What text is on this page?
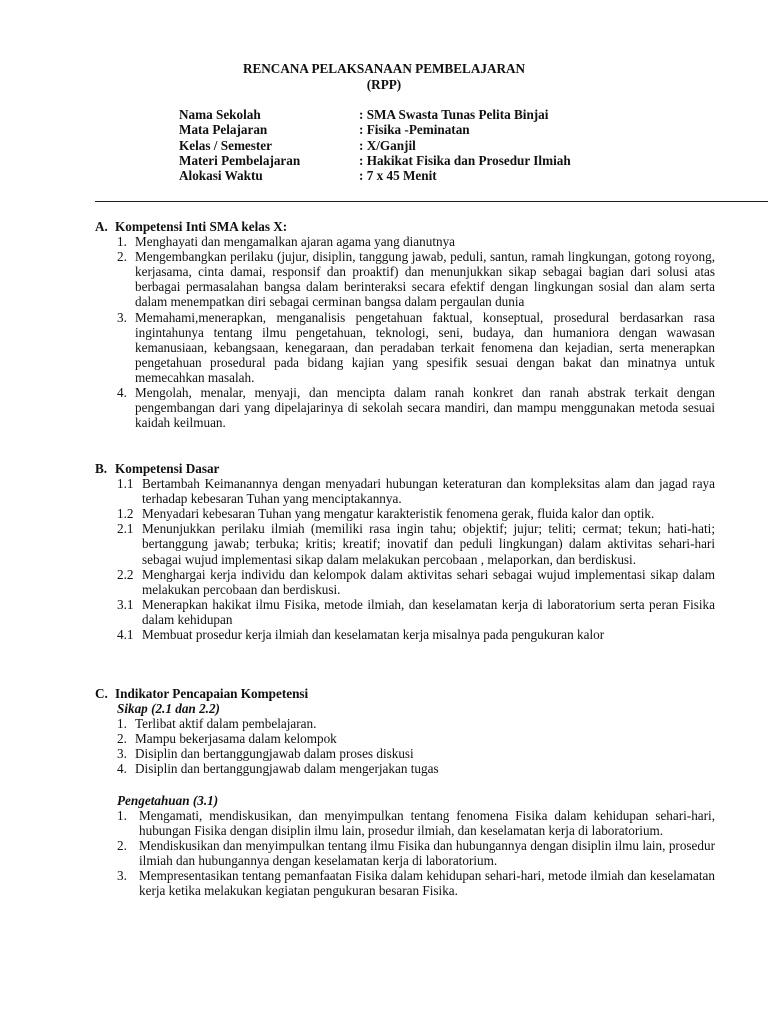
RENCANA PELAKSANAAN PEMBELAJARAN
(RPP)
Nama Sekolah	: SMA Swasta Tunas Pelita Binjai
Mata Pelajaran	: Fisika -Peminatan
Kelas / Semester	: X/Ganjil
Materi Pembelajaran	: Hakikat Fisika dan Prosedur Ilmiah
Alokasi Waktu	: 7 x 45 Menit
A. Kompetensi Inti SMA kelas X:
1. Menghayati dan mengamalkan ajaran agama yang dianutnya
2. Mengembangkan perilaku (jujur, disiplin, tanggung jawab, peduli, santun, ramah lingkungan, gotong royong, kerjasama, cinta damai, responsif dan proaktif) dan menunjukkan sikap sebagai bagian dari solusi atas berbagai permasalahan bangsa dalam berinteraksi secara efektif dengan lingkungan sosial dan alam serta dalam menempatkan diri sebagai cerminan bangsa dalam pergaulan dunia
3. Memahami,menerapkan, menganalisis pengetahuan faktual, konseptual, prosedural berdasarkan rasa ingintahunya tentang ilmu pengetahuan, teknologi, seni, budaya, dan humaniora dengan wawasan kemanusiaan, kebangsaan, kenegaraan, dan peradaban terkait fenomena dan kejadian, serta menerapkan pengetahuan prosedural pada bidang kajian yang spesifik sesuai dengan bakat dan minatnya untuk memecahkan masalah.
4. Mengolah, menalar, menyaji, dan mencipta dalam ranah konkret dan ranah abstrak terkait dengan pengembangan dari yang dipelajarinya di sekolah secara mandiri, dan mampu menggunakan metoda sesuai kaidah keilmuan.
B. Kompetensi Dasar
1.1 Bertambah Keimanannya dengan menyadari hubungan keteraturan dan kompleksitas alam dan jagad raya terhadap kebesaran Tuhan yang menciptakannya.
1.2 Menyadari kebesaran Tuhan yang mengatur karakteristik fenomena gerak, fluida kalor dan optik.
2.1 Menunjukkan perilaku ilmiah (memiliki rasa ingin tahu; objektif; jujur; teliti; cermat; tekun; hati-hati; bertanggung jawab; terbuka; kritis; kreatif; inovatif dan peduli lingkungan) dalam aktivitas sehari-hari sebagai wujud implementasi sikap dalam melakukan percobaan , melaporkan, dan berdiskusi.
2.2 Menghargai kerja individu dan kelompok dalam aktivitas sehari sebagai wujud implementasi sikap dalam melakukan percobaan dan berdiskusi.
3.1 Menerapkan hakikat ilmu Fisika, metode ilmiah, dan keselamatan kerja di laboratorium serta peran Fisika dalam kehidupan
4.1 Membuat prosedur kerja ilmiah dan keselamatan kerja misalnya pada pengukuran kalor
C. Indikator Pencapaian Kompetensi
Sikap (2.1 dan 2.2)
1. Terlibat aktif dalam pembelajaran.
2. Mampu bekerjasama dalam kelompok
3. Disiplin dan bertanggungjawab dalam proses diskusi
4. Disiplin dan bertanggungjawab dalam mengerjakan tugas
Pengetahuan (3.1)
1. Mengamati, mendiskusikan, dan menyimpulkan tentang fenomena Fisika dalam kehidupan sehari-hari, hubungan Fisika dengan disiplin ilmu lain, prosedur ilmiah, dan keselamatan kerja di laboratorium.
2. Mendiskusikan dan menyimpulkan tentang ilmu Fisika dan hubungannya dengan disiplin ilmu lain, prosedur ilmiah dan hubungannya dengan keselamatan kerja di laboratorium.
3. Mempresentasikan tentang pemanfaatan Fisika dalam kehidupan sehari-hari, metode ilmiah dan keselamatan kerja ketika melakukan kegiatan pengukuran besaran Fisika.
